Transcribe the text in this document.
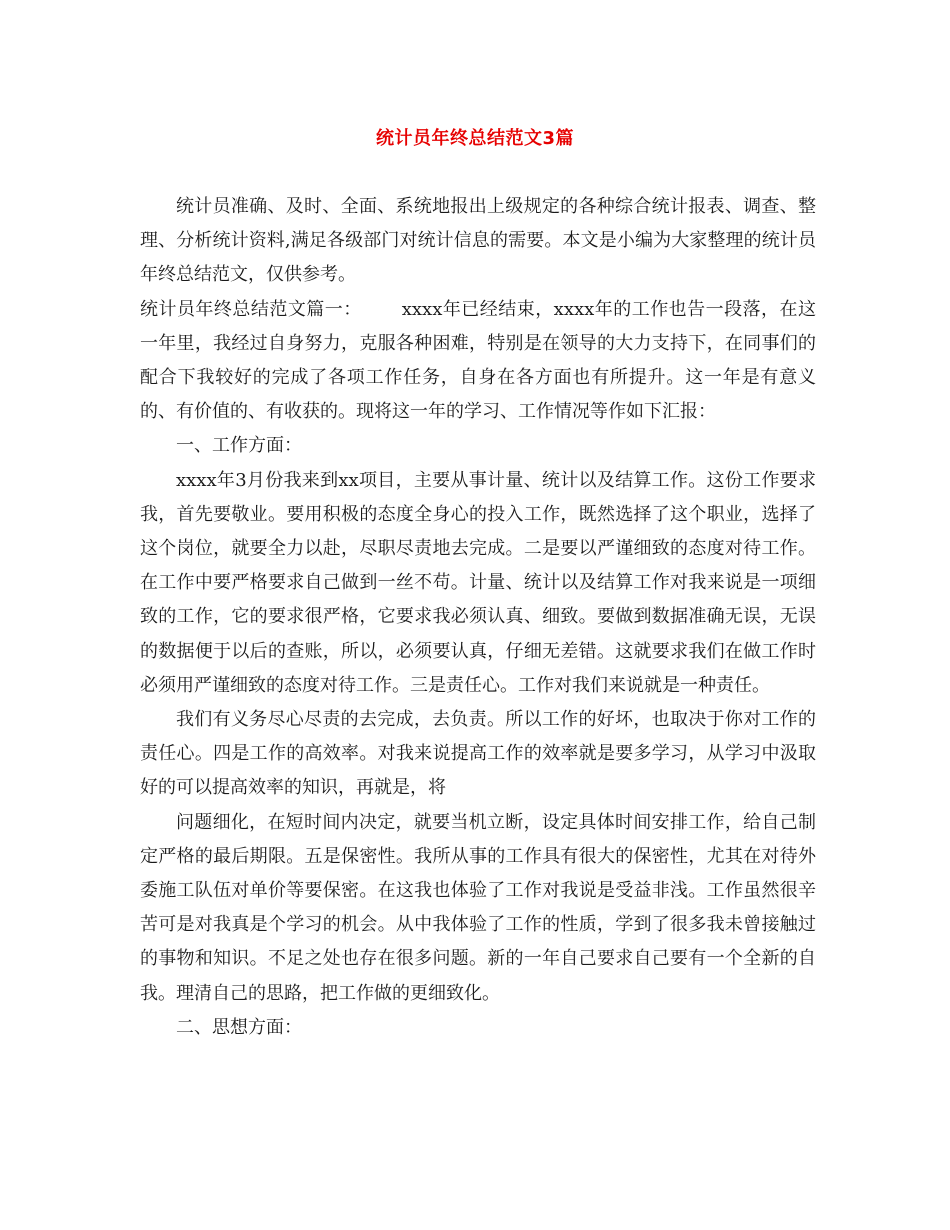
统计员年终总结范文3篇

统计员准确、及时、全面、系统地报出上级规定的各种综合统计报表、调查、整理、分析统计资料,满足各级部门对统计信息的需要。本文是小编为大家整理的统计员年终总结范文，仅供参考。

统计员年终总结范文篇一： xxxx年已经结束，xxxx年的工作也告一段落，在这一年里，我经过自身努力，克服各种困难，特别是在领导的大力支持下，在同事们的配合下我较好的完成了各项工作任务，自身在各方面也有所提升。这一年是有意义的、有价值的、有收获的。现将这一年的学习、工作情况等作如下汇报：

一、工作方面：

xxxx年3月份我来到xx项目，主要从事计量、统计以及结算工作。这份工作要求我，首先要敬业。要用积极的态度全身心的投入工作，既然选择了这个职业，选择了这个岗位，就要全力以赴，尽职尽责地去完成。二是要以严谨细致的态度对待工作。在工作中要严格要求自己做到一丝不苟。计量、统计以及结算工作对我来说是一项细致的工作，它的要求很严格，它要求我必须认真、细致。要做到数据准确无误，无误的数据便于以后的查账，所以，必须要认真，仔细无差错。这就要求我们在做工作时必须用严谨细致的态度对待工作。三是责任心。工作对我们来说就是一种责任。

我们有义务尽心尽责的去完成，去负责。所以工作的好坏，也取决于你对工作的责任心。四是工作的高效率。对我来说提高工作的效率就是要多学习，从学习中汲取好的可以提高效率的知识，再就是，将

问题细化，在短时间内决定，就要当机立断，设定具体时间安排工作，给自己制定严格的最后期限。五是保密性。我所从事的工作具有很大的保密性，尤其在对待外委施工队伍对单价等要保密。在这我也体验了工作对我说是受益非浅。工作虽然很辛苦可是对我真是个学习的机会。从中我体验了工作的性质，学到了很多我未曾接触过的事物和知识。不足之处也存在很多问题。新的一年自己要求自己要有一个全新的自我。理清自己的思路，把工作做的更细致化。

二、思想方面：
